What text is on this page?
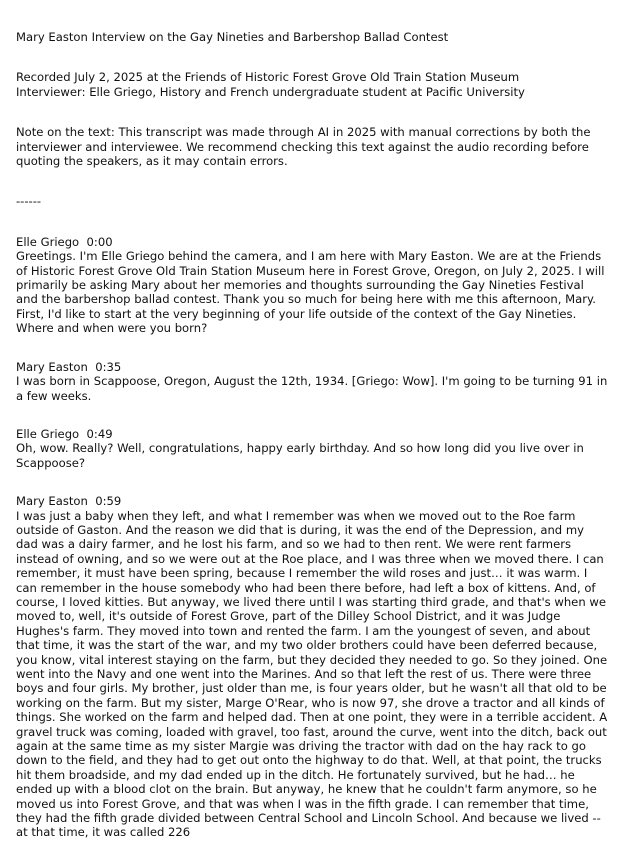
Mary Easton Interview on the Gay Nineties and Barbershop Ballad Contest
Recorded July 2, 2025 at the Friends of Historic Forest Grove Old Train Station Museum
Interviewer: Elle Griego, History and French undergraduate student at Pacific University
Note on the text: This transcript was made through AI in 2025 with manual corrections by both the interviewer and interviewee. We recommend checking this text against the audio recording before quoting the speakers, as it may contain errors.
------
Elle Griego 0:00
Greetings. I'm Elle Griego behind the camera, and I am here with Mary Easton. We are at the Friends of Historic Forest Grove Old Train Station Museum here in Forest Grove, Oregon, on July 2, 2025. I will primarily be asking Mary about her memories and thoughts surrounding the Gay Nineties Festival and the barbershop ballad contest. Thank you so much for being here with me this afternoon, Mary. First, I'd like to start at the very beginning of your life outside of the context of the Gay Nineties. Where and when were you born?
Mary Easton 0:35
I was born in Scappoose, Oregon, August the 12th, 1934. [Griego: Wow]. I'm going to be turning 91 in a few weeks.
Elle Griego 0:49
Oh, wow. Really? Well, congratulations, happy early birthday. And so how long did you live over in Scappoose?
Mary Easton 0:59
I was just a baby when they left, and what I remember was when we moved out to the Roe farm outside of Gaston. And the reason we did that is during, it was the end of the Depression, and my dad was a dairy farmer, and he lost his farm, and so we had to then rent. We were rent farmers instead of owning, and so we were out at the Roe place, and I was three when we moved there. I can remember, it must have been spring, because I remember the wild roses and just… it was warm. I can remember in the house somebody who had been there before, had left a box of kittens. And, of course, I loved kitties. But anyway, we lived there until I was starting third grade, and that's when we moved to, well, it's outside of Forest Grove, part of the Dilley School District, and it was Judge Hughes's farm. They moved into town and rented the farm. I am the youngest of seven, and about that time, it was the start of the war, and my two older brothers could have been deferred because, you know, vital interest staying on the farm, but they decided they needed to go. So they joined. One went into the Navy and one went into the Marines. And so that left the rest of us. There were three boys and four girls. My brother, just older than me, is four years older, but he wasn't all that old to be working on the farm. But my sister, Marge O'Rear, who is now 97, she drove a tractor and all kinds of things. She worked on the farm and helped dad. Then at one point, they were in a terrible accident. A gravel truck was coming, loaded with gravel, too fast, around the curve, went into the ditch, back out again at the same time as my sister Margie was driving the tractor with dad on the hay rack to go down to the field, and they had to get out onto the highway to do that. Well, at that point, the trucks hit them broadside, and my dad ended up in the ditch. He fortunately survived, but he had… he ended up with a blood clot on the brain. But anyway, he knew that he couldn't farm anymore, so he moved us into Forest Grove, and that was when I was in the fifth grade. I can remember that time, they had the fifth grade divided between Central School and Lincoln School. And because we lived -- at that time, it was called 226
